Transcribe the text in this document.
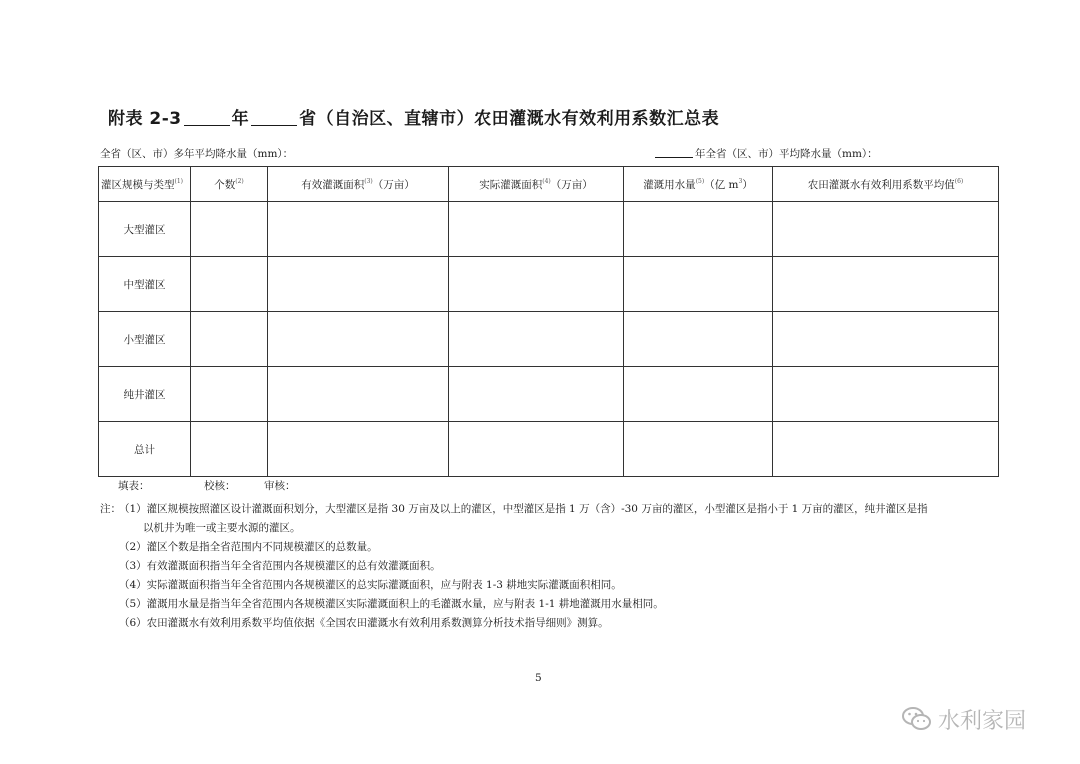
附表 2-3	年	省（自治区、直辖市）农田灌溉水有效利用系数汇总表
全省（区、市）多年平均降水量（mm）：	年全省（区、市）平均降水量（mm）：
灌区规模与类型$^{(1)}$	个数$^{(2)}$	有效灌溉面积$^{(3)}$（万亩）	实际灌溉面积$^{(4)}$（万亩）	灌溉用水量$^{(5)}$（亿 $m^3$）	农田灌溉水有效利用系数平均值$^{(6)}$
大型灌区					
中型灌区					
小型灌区					
纯井灌区					
总计					
填表：	校核：	审核：
注：
（1）灌区规模按照灌区设计灌溉面积划分，大型灌区是指 30 万亩及以上的灌区，中型灌区是指 1 万（含）-30 万亩的灌区，小型灌区是指小于 1 万亩的灌区，纯井灌区是指
以机井为唯一或主要水源的灌区。
（2）灌区个数是指全省范围内不同规模灌区的总数量。
（3）有效灌溉面积指当年全省范围内各规模灌区的总有效灌溉面积。
（4）实际灌溉面积指当年全省范围内各规模灌区的总实际灌溉面积，应与附表 1-3 耕地实际灌溉面积相同。
（5）灌溉用水量是指当年全省范围内各规模灌区实际灌溉面积上的毛灌溉水量，应与附表 1-1 耕地灌溉用水量相同。
（6）农田灌溉水有效利用系数平均值依据《全国农田灌溉水有效利用系数测算分析技术指导细则》测算。
5
水利家园
